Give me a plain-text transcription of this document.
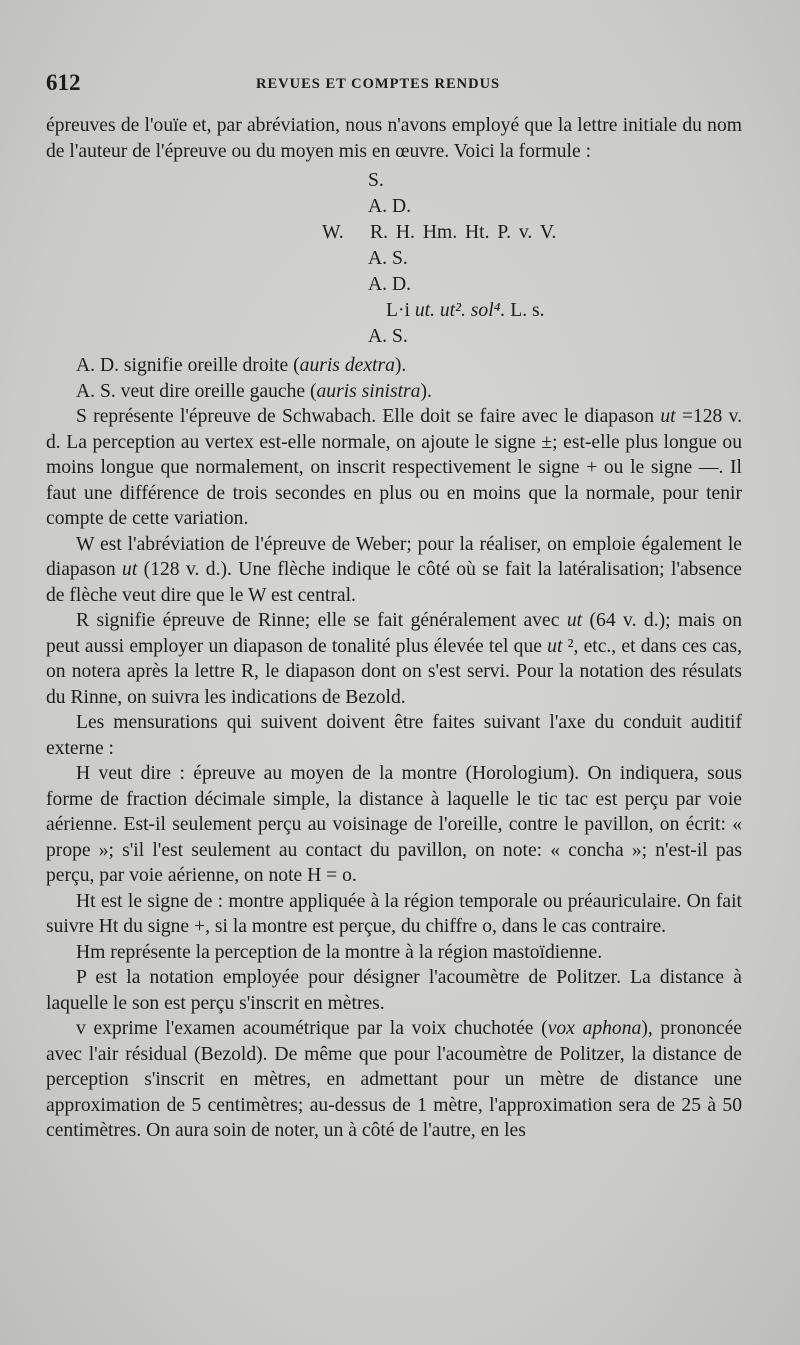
612	REVUES ET COMPTES RENDUS

épreuves de l'ouïe et, par abréviation, nous n'avons employé que la lettre initiale du nom de l'auteur de l'épreuve ou du moyen mis en œuvre. Voici la formule :

S.
A. D.
W. R. H. Hm. Ht. P. v. V.
A. S.
A. D.
L·i ut. ut². sol⁴. L. s.
A. S.

A. D. signifie oreille droite (auris dextra).

A. S. veut dire oreille gauche (auris sinistra).

S représente l'épreuve de Schwabach. Elle doit se faire avec le diapason ut =128 v. d. La perception au vertex est-elle normale, on ajoute le signe ±; est-elle plus longue ou moins longue que normalement, on inscrit respectivement le signe + ou le signe —. Il faut une différence de trois secondes en plus ou en moins que la normale, pour tenir compte de cette variation.

W est l'abréviation de l'épreuve de Weber; pour la réaliser, on emploie également le diapason ut (128 v. d.). Une flèche indique le côté où se fait la latéralisation; l'absence de flèche veut dire que le W est central.

R signifie épreuve de Rinne; elle se fait généralement avec ut (64 v. d.); mais on peut aussi employer un diapason de tonalité plus élevée tel que ut ², etc., et dans ces cas, on notera après la lettre R, le diapason dont on s'est servi. Pour la notation des résulats du Rinne, on suivra les indications de Bezold.

Les mensurations qui suivent doivent être faites suivant l'axe du conduit auditif externe :

H veut dire : épreuve au moyen de la montre (Horologium). On indiquera, sous forme de fraction décimale simple, la distance à laquelle le tic tac est perçu par voie aérienne. Est-il seulement perçu au voisinage de l'oreille, contre le pavillon, on écrit: « prope »; s'il l'est seulement au contact du pavillon, on note: « concha »; n'est-il pas perçu, par voie aérienne, on note H = o.

Ht est le signe de : montre appliquée à la région temporale ou préauriculaire. On fait suivre Ht du signe +, si la montre est perçue, du chiffre o, dans le cas contraire.

Hm représente la perception de la montre à la région mastoïdienne.

P est la notation employée pour désigner l'acoumètre de Politzer. La distance à laquelle le son est perçu s'inscrit en mètres.

v exprime l'examen acoumétrique par la voix chuchotée (vox aphona), prononcée avec l'air résidual (Bezold). De même que pour l'acoumètre de Politzer, la distance de perception s'inscrit en mètres, en admettant pour un mètre de distance une approximation de 5 centimètres; au-dessus de 1 mètre, l'approximation sera de 25 à 50 centimètres. On aura soin de noter, un à côté de l'autre, en les
